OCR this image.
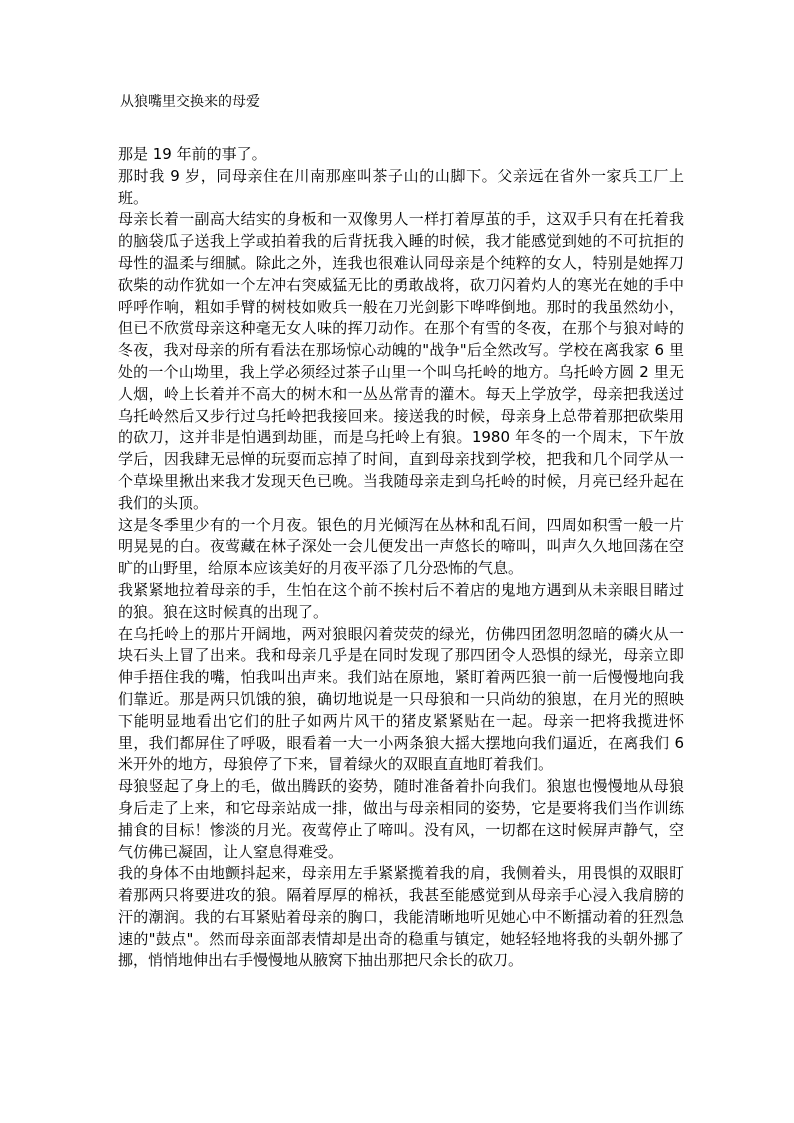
从狼嘴里交换来的母爱

那是 19 年前的事了。

那时我 9 岁，同母亲住在川南那座叫茶子山的山脚下。父亲远在省外一家兵工厂上班。

母亲长着一副高大结实的身板和一双像男人一样打着厚茧的手，这双手只有在托着我的脑袋瓜子送我上学或拍着我的后背抚我入睡的时候，我才能感觉到她的不可抗拒的母性的温柔与细腻。除此之外，连我也很难认同母亲是个纯粹的女人，特别是她挥刀砍柴的动作犹如一个左冲右突威猛无比的勇敢战将，砍刀闪着灼人的寒光在她的手中呼呼作响，粗如手臂的树枝如败兵一般在刀光剑影下哗哗倒地。那时的我虽然幼小，但已不欣赏母亲这种毫无女人味的挥刀动作。在那个有雪的冬夜，在那个与狼对峙的冬夜，我对母亲的所有看法在那场惊心动魄的"战争"后全然改写。学校在离我家 6 里处的一个山坳里，我上学必须经过茶子山里一个叫乌托岭的地方。乌托岭方圆 2 里无人烟，岭上长着并不高大的树木和一丛丛常青的灌木。每天上学放学，母亲把我送过乌托岭然后又步行过乌托岭把我接回来。接送我的时候，母亲身上总带着那把砍柴用的砍刀，这并非是怕遇到劫匪，而是乌托岭上有狼。1980 年冬的一个周末，下午放学后，因我肆无忌惮的玩耍而忘掉了时间，直到母亲找到学校，把我和几个同学从一个草垛里揪出来我才发现天色已晚。当我随母亲走到乌托岭的时候，月亮已经升起在我们的头顶。

这是冬季里少有的一个月夜。银色的月光倾泻在丛林和乱石间，四周如积雪一般一片明晃晃的白。夜莺藏在林子深处一会儿便发出一声悠长的啼叫，叫声久久地回荡在空旷的山野里，给原本应该美好的月夜平添了几分恐怖的气息。

我紧紧地拉着母亲的手，生怕在这个前不挨村后不着店的鬼地方遇到从未亲眼目睹过的狼。狼在这时候真的出现了。

在乌托岭上的那片开阔地，两对狼眼闪着荧荧的绿光，仿佛四团忽明忽暗的磷火从一块石头上冒了出来。我和母亲几乎是在同时发现了那四团令人恐惧的绿光，母亲立即伸手捂住我的嘴，怕我叫出声来。我们站在原地，紧盯着两匹狼一前一后慢慢地向我们靠近。那是两只饥饿的狼，确切地说是一只母狼和一只尚幼的狼崽，在月光的照映下能明显地看出它们的肚子如两片风干的猪皮紧紧贴在一起。母亲一把将我揽进怀里，我们都屏住了呼吸，眼看着一大一小两条狼大摇大摆地向我们逼近，在离我们 6 米开外的地方，母狼停了下来，冒着绿火的双眼直直地盯着我们。

母狼竖起了身上的毛，做出腾跃的姿势，随时准备着扑向我们。狼崽也慢慢地从母狼身后走了上来，和它母亲站成一排，做出与母亲相同的姿势，它是要将我们当作训练捕食的目标！惨淡的月光。夜莺停止了啼叫。没有风，一切都在这时候屏声静气，空气仿佛已凝固，让人窒息得难受。

我的身体不由地颤抖起来，母亲用左手紧紧揽着我的肩，我侧着头，用畏惧的双眼盯着那两只将要进攻的狼。隔着厚厚的棉袄，我甚至能感觉到从母亲手心浸入我肩膀的汗的潮润。我的右耳紧贴着母亲的胸口，我能清晰地听见她心中不断擂动着的狂烈急速的"鼓点"。然而母亲面部表情却是出奇的稳重与镇定，她轻轻地将我的头朝外挪了挪，悄悄地伸出右手慢慢地从腋窝下抽出那把尺余长的砍刀。
